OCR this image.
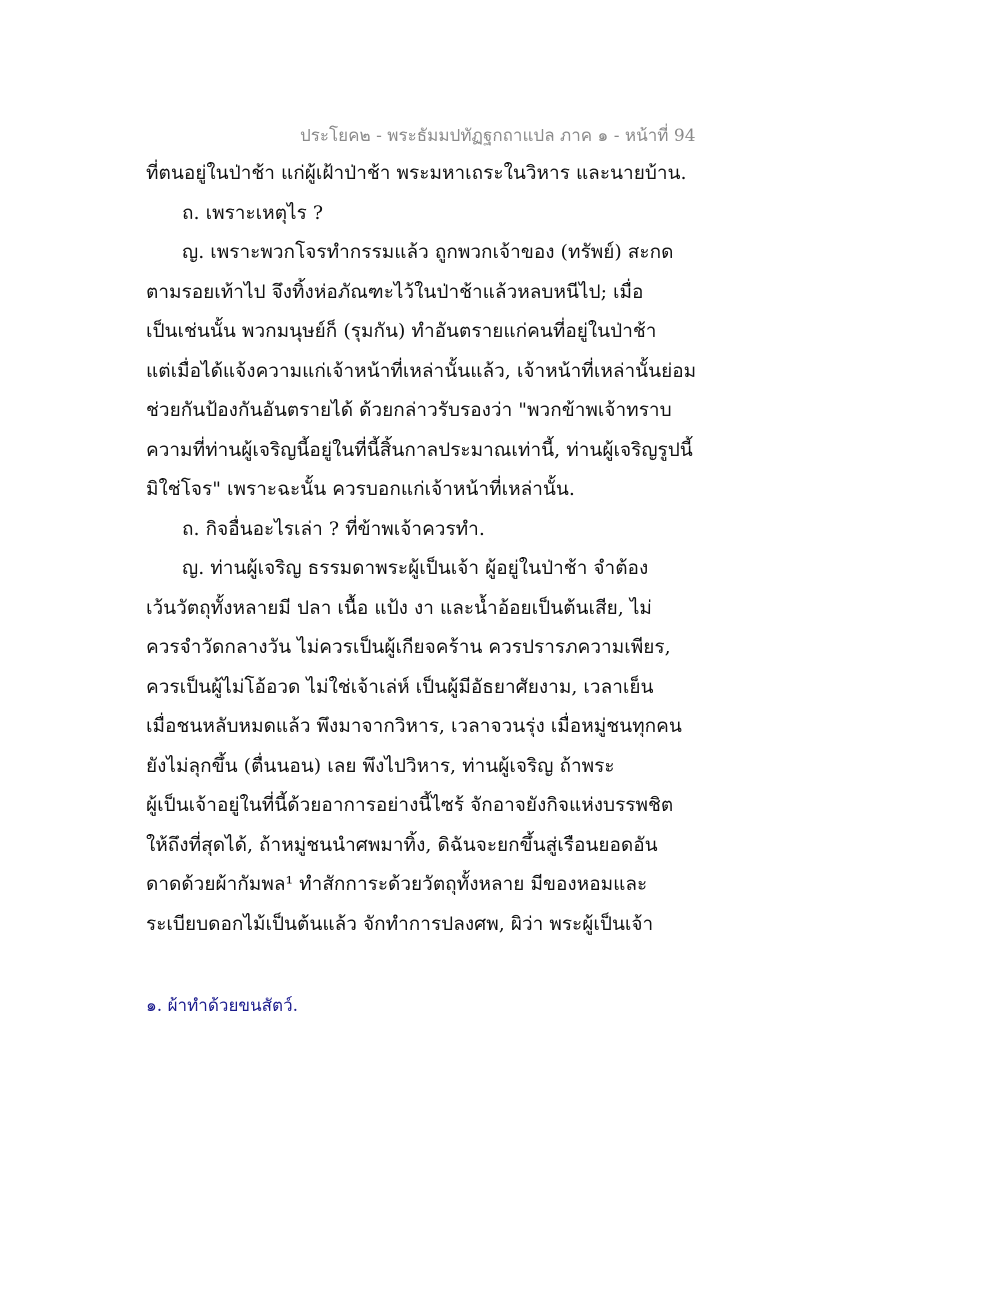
ประโยค๒ - พระธัมมปทัฏฐกถาแปล ภาค ๑ - หน้าที่ 94
ที่ตนอยู่ในป่าช้า แก่ผู้เฝ้าป่าช้า พระมหาเถระในวิหาร และนายบ้าน.
ถ. เพราะเหตุไร ?
ญ. เพราะพวกโจรทำกรรมแล้ว ถูกพวกเจ้าของ (ทรัพย์) สะกด
ตามรอยเท้าไป จึงทิ้งห่อภัณฑะไว้ในป่าช้าแล้วหลบหนีไป; เมื่อ
เป็นเช่นนั้น พวกมนุษย์ก็ (รุมกัน) ทำอันตรายแก่คนที่อยู่ในป่าช้า
แต่เมื่อได้แจ้งความแก่เจ้าหน้าที่เหล่านั้นแล้ว, เจ้าหน้าที่เหล่านั้นย่อม
ช่วยกันป้องกันอันตรายได้ ด้วยกล่าวรับรองว่า "พวกข้าพเจ้าทราบ
ความที่ท่านผู้เจริญนี้อยู่ในที่นี้สิ้นกาลประมาณเท่านี้, ท่านผู้เจริญรูปนี้
มิใช่โจร" เพราะฉะนั้น ควรบอกแก่เจ้าหน้าที่เหล่านั้น.
ถ. กิจอื่นอะไรเล่า ? ที่ข้าพเจ้าควรทำ.
ญ. ท่านผู้เจริญ ธรรมดาพระผู้เป็นเจ้า ผู้อยู่ในป่าช้า จำต้อง
เว้นวัตถุทั้งหลายมี ปลา เนื้อ แป้ง งา และน้ำอ้อยเป็นต้นเสีย, ไม่
ควรจำวัดกลางวัน ไม่ควรเป็นผู้เกียจคร้าน ควรปรารภความเพียร,
ควรเป็นผู้ไม่โอ้อวด ไม่ใช่เจ้าเล่ห์ เป็นผู้มีอัธยาศัยงาม, เวลาเย็น
เมื่อชนหลับหมดแล้ว พึงมาจากวิหาร, เวลาจวนรุ่ง เมื่อหมู่ชนทุกคน
ยังไม่ลุกขึ้น (ตื่นนอน) เลย พึงไปวิหาร, ท่านผู้เจริญ ถ้าพระ
ผู้เป็นเจ้าอยู่ในที่นี้ด้วยอาการอย่างนี้ไซร้ จักอาจยังกิจแห่งบรรพชิต
ให้ถึงที่สุดได้, ถ้าหมู่ชนนำศพมาทิ้ง, ดิฉันจะยกขึ้นสู่เรือนยอดอัน
ดาดด้วยผ้ากัมพล¹ ทำสักการะด้วยวัตถุทั้งหลาย มีของหอมและ
ระเบียบดอกไม้เป็นต้นแล้ว จักทำการปลงศพ, ผิว่า พระผู้เป็นเจ้า
๑. ผ้าทำด้วยขนสัตว์.
